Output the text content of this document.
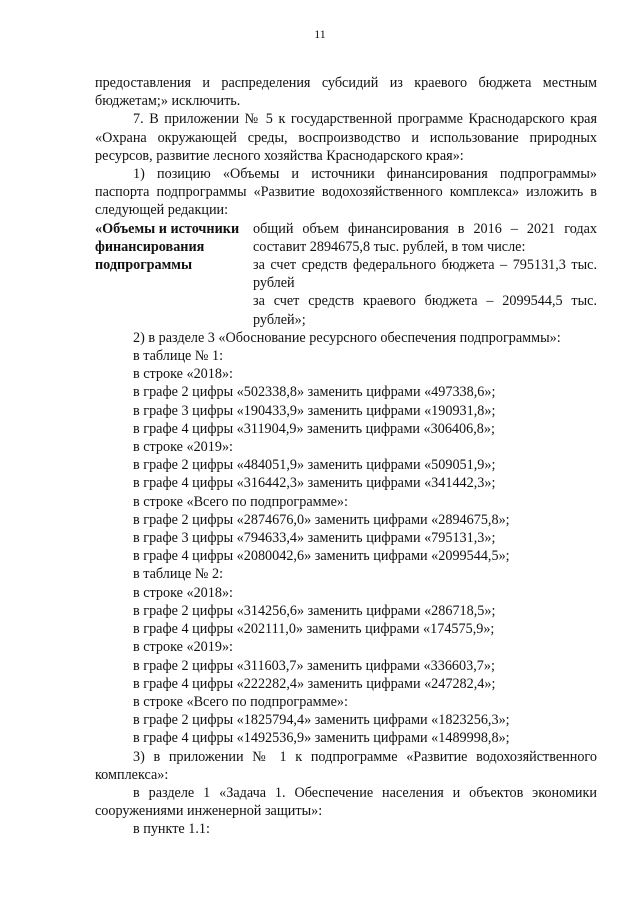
11

предоставления и распределения субсидий из краевого бюджета местным бюджетам;» исключить.

7. В приложении № 5 к государственной программе Краснодарского края «Охрана окружающей среды, воспроизводство и использование природных ресурсов, развитие лесного хозяйства Краснодарского края»:

1) позицию «Объемы и источники финансирования подпрограммы» паспорта подпрограммы «Развитие водохозяйственного комплекса» изложить в следующей редакции:

«Объемы и источники финансирования подпрограммы

общий объем финансирования в 2016 – 2021 годах составит 2894675,8 тыс. рублей, в том числе:

за счет средств федерального бюджета – 795131,3 тыс. рублей

за счет средств краевого бюджета – 2099544,5 тыс. рублей»;

2) в разделе 3 «Обоснование ресурсного обеспечения подпрограммы»:

в таблице № 1:

в строке «2018»:

в графе 2 цифры «502338,8» заменить цифрами «497338,6»;

в графе 3 цифры «190433,9» заменить цифрами «190931,8»;

в графе 4 цифры «311904,9» заменить цифрами «306406,8»;

в строке «2019»:

в графе 2 цифры «484051,9» заменить цифрами «509051,9»;

в графе 4 цифры «316442,3» заменить цифрами «341442,3»;

в строке «Всего по подпрограмме»:

в графе 2 цифры «2874676,0» заменить цифрами «2894675,8»;

в графе 3 цифры «794633,4» заменить цифрами «795131,3»;

в графе 4 цифры «2080042,6» заменить цифрами «2099544,5»;

в таблице № 2:

в строке «2018»:

в графе 2 цифры «314256,6» заменить цифрами «286718,5»;

в графе 4 цифры «202111,0» заменить цифрами «174575,9»;

в строке «2019»:

в графе 2 цифры «311603,7» заменить цифрами «336603,7»;

в графе 4 цифры «222282,4» заменить цифрами «247282,4»;

в строке «Всего по подпрограмме»:

в графе 2 цифры «1825794,4» заменить цифрами «1823256,3»;

в графе 4 цифры «1492536,9» заменить цифрами «1489998,8»;

3) в приложении № 1 к подпрограмме «Развитие водохозяйственного комплекса»:

в разделе 1 «Задача 1. Обеспечение населения и объектов экономики сооружениями инженерной защиты»:

в пункте 1.1:
